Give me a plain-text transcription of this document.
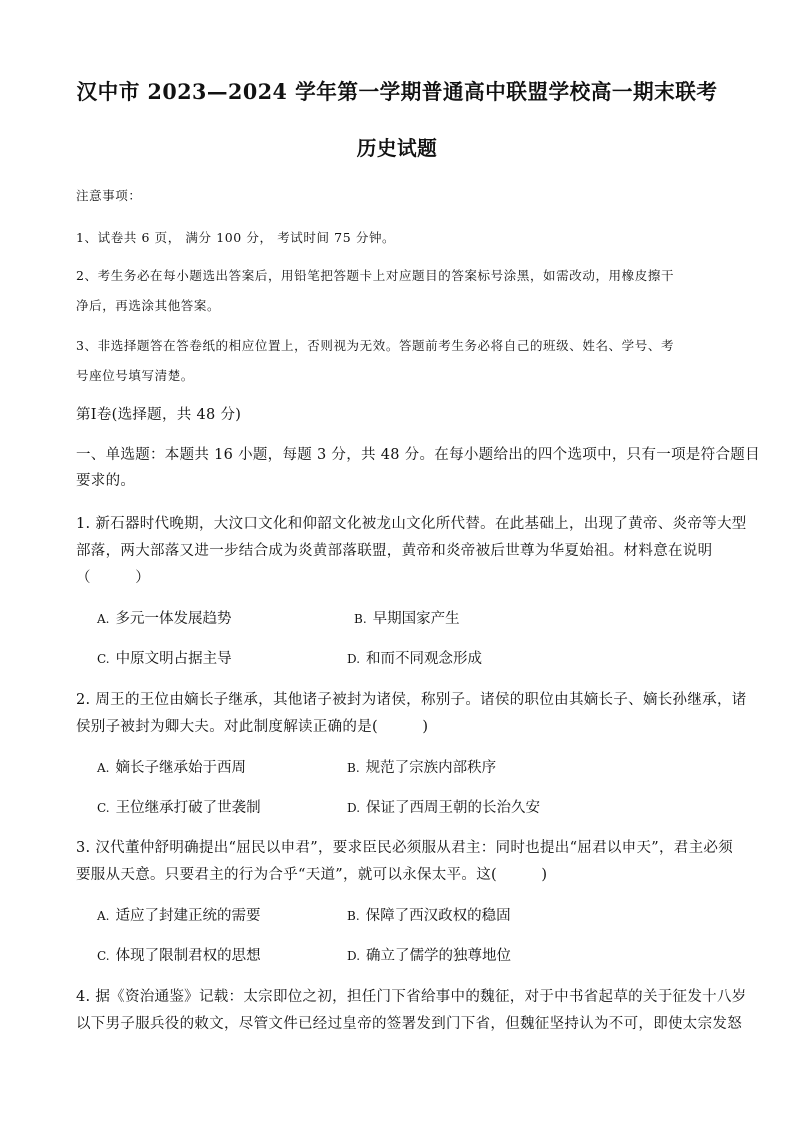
汉中市 2023—2024 学年第一学期普通高中联盟学校高一期末联考
历史试题
注意事项：
1、试卷共 6 页， 满分 100 分， 考试时间 75 分钟。
2、考生务必在每小题选出答案后，用铅笔把答题卡上对应题目的答案标号涂黑，如需改动，用橡皮擦干
净后，再选涂其他答案。
3、非选择题答在答卷纸的相应位置上，否则视为无效。答题前考生务必将自己的班级、姓名、学号、考
号座位号填写清楚。
第Ⅰ卷(选择题，共 48 分)
一、单选题：本题共 16 小题，每题 3 分，共 48 分。在每小题给出的四个选项中，只有一项是符合题目
要求的。
1. 新石器时代晚期，大汶口文化和仰韶文化被龙山文化所代替。在此基础上，出现了黄帝、炎帝等大型
部落，两大部落又进一步结合成为炎黄部落联盟，黄帝和炎帝被后世尊为华夏始祖。材料意在说明
（　　　）
A. 多元一体发展趋势	B. 早期国家产生
C. 中原文明占据主导	D. 和而不同观念形成
2. 周王的王位由嫡长子继承，其他诸子被封为诸侯，称别子。诸侯的职位由其嫡长子、嫡长孙继承，诸
侯别子被封为卿大夫。对此制度解读正确的是(　　　)
A. 嫡长子继承始于西周	B. 规范了宗族内部秩序
C. 王位继承打破了世袭制	D. 保证了西周王朝的长治久安
3. 汉代董仲舒明确提出“屈民以申君”，要求臣民必须服从君主：同时也提出“屈君以申天”，君主必须
要服从天意。只要君主的行为合乎“天道”，就可以永保太平。这(　　　)
A. 适应了封建正统的需要	B. 保障了西汉政权的稳固
C. 体现了限制君权的思想	D. 确立了儒学的独尊地位
4. 据《资治通鉴》记载：太宗即位之初，担任门下省给事中的魏征，对于中书省起草的关于征发十八岁
以下男子服兵役的敕文，尽管文件已经过皇帝的签署发到门下省，但魏征坚持认为不可，即使太宗发怒
